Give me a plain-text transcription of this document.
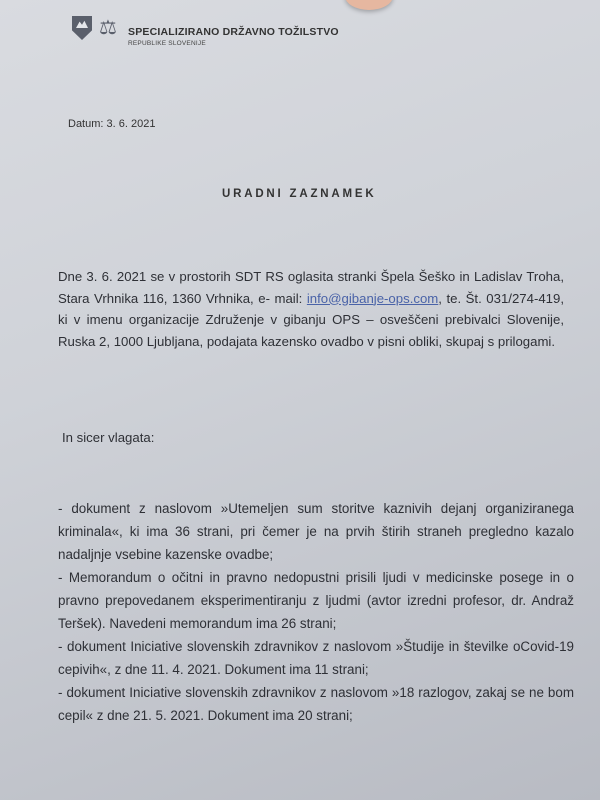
⚖ SPECIALIZIRANO DRŽAVNO TOŽILSTVO
REPUBLIKE SLOVENIJE
Datum: 3. 6. 2021
URADNI ZAZNAMEK
Dne 3. 6. 2021 se v prostorih SDT RS oglasita stranki Špela Šeško in Ladislav Troha, Stara Vrhnika 116, 1360 Vrhnika, e- mail: info@gibanje-ops.com, te. Št. 031/274-419, ki v imenu organizacije Združenje v gibanju OPS – osveščeni prebivalci Slovenije, Ruska 2, 1000 Ljubljana, podajata kazensko ovadbo v pisni obliki, skupaj s prilogami.
In sicer vlagata:
- dokument z naslovom »Utemeljen sum storitve kaznivih dejanj organiziranega kriminala«, ki ima 36 strani, pri čemer je na prvih štirih straneh pregledno kazalo nadaljnje vsebine kazenske ovadbe;
- Memorandum o očitni in pravno nedopustni prisili ljudi v medicinske posege in o pravno prepovedanem eksperimentiranju z ljudmi (avtor izredni profesor, dr. Andraž Teršek). Navedeni memorandum ima 26 strani;
- dokument Iniciative slovenskih zdravnikov z naslovom »Študije in številke oCovid-19 cepivih«, z dne 11. 4. 2021. Dokument ima 11 strani;
- dokument Iniciative slovenskih zdravnikov z naslovom »18 razlogov, zakaj se ne bom cepil« z dne 21. 5. 2021. Dokument ima 20 strani;
